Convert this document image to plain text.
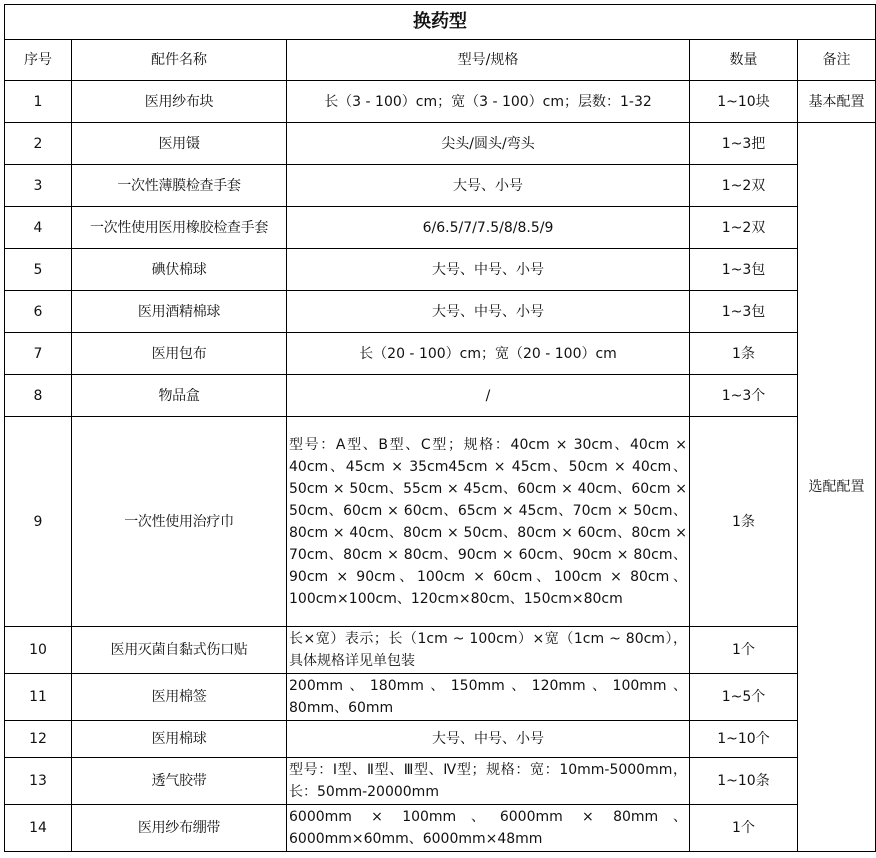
换药型				
序号	配件名称	型号/规格	数量	备注
1	医用纱布块	长（3 - 100）cm；宽（3 - 100）cm；层数：1-32	1~10块	基本配置
2	医用镊	尖头/圆头/弯头	1~3把	选配配置
3	一次性薄膜检查手套	大号、小号	1~2双	
4	一次性使用医用橡胶检查手套	6/6.5/7/7.5/8/8.5/9	1~2双	
5	碘伏棉球	大号、中号、小号	1~3包	
6	医用酒精棉球	大号、中号、小号	1~3包	
7	医用包布	长（20 - 100）cm；宽（20 - 100）cm	1条	
8	物品盒	/	1~3个	
9	一次性使用治疗巾	型号：A型、B型、C型；规格：40cm × 30cm、40cm × 40cm、45cm × 35cm45cm × 45cm、50cm × 40cm、50cm × 50cm、55cm × 45cm、60cm × 40cm、60cm × 50cm、60cm × 60cm、65cm × 45cm、70cm × 50cm、80cm × 40cm、80cm × 50cm、80cm × 60cm、80cm × 70cm、80cm × 80cm、90cm × 60cm、90cm × 80cm、90cm × 90cm、100cm × 60cm、100cm × 80cm、100cm×100cm、120cm×80cm、150cm×80cm	1条	
10	医用灭菌自黏式伤口贴	长×宽）表示；长（1cm ~ 100cm）×宽（1cm ~ 80cm），具体规格详见单包装	1个	
11	医用棉签	200mm、180mm、150mm、120mm、100mm、80mm、60mm	1~5个	
12	医用棉球	大号、中号、小号	1~10个	
13	透气胶带	型号：Ⅰ型、Ⅱ型、Ⅲ型、Ⅳ型；规格：宽：10mm-5000mm，长：50mm-20000mm	1~10条	
14	医用纱布绷带	6000mm × 100mm、6000mm × 80mm、6000mm×60mm、6000mm×48mm	1个	
